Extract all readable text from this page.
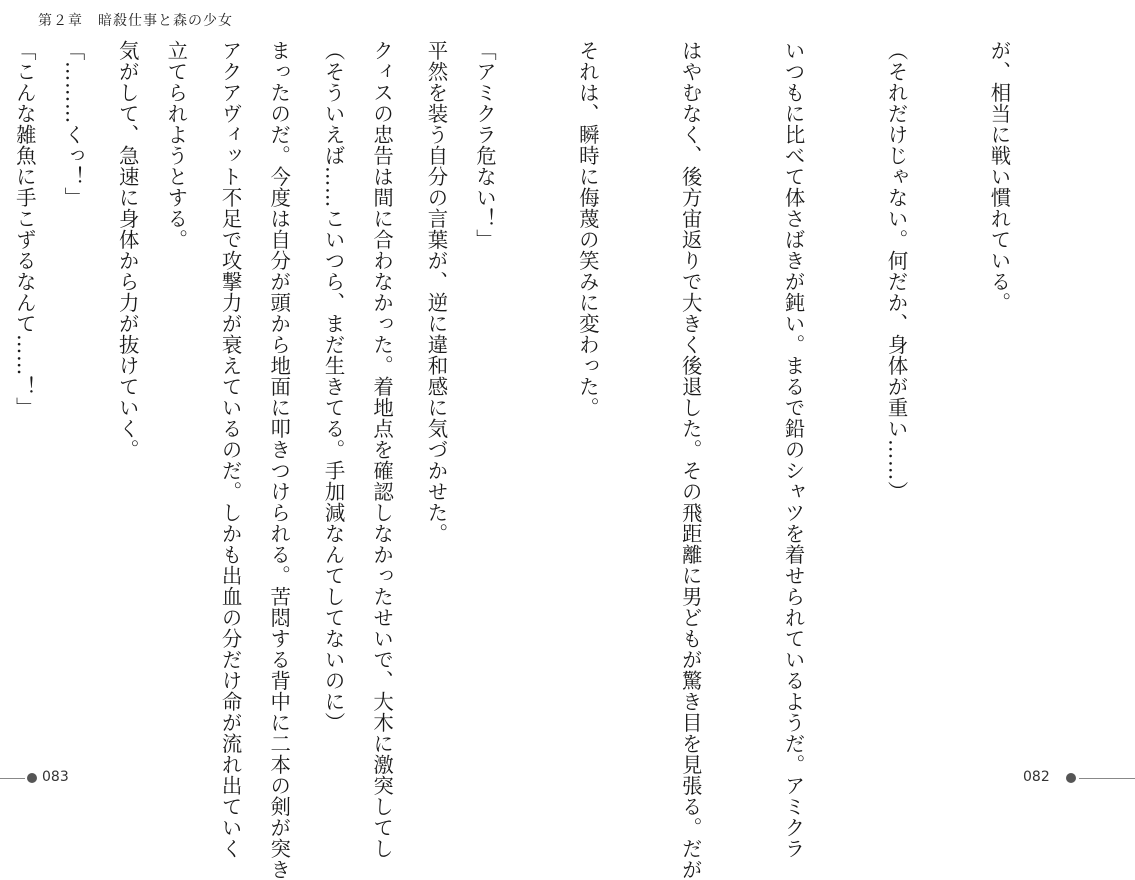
第２章　暗殺仕事と森の少女

平然を装う自分の言葉が、逆に違和感に気づかせた。

（そういえば……こいつら、まだ生きてる。手加減なんてしてないのに）

アクアヴィット不足で攻撃力が衰えているのだ。しかも出血の分だけ命が流れ出ていく

気がして、急速に身体から力が抜けていく。

「こんな雑魚に手こずるなんて……！」

083

が、相当に戦い慣れている。

（それだけじゃない。何だか、身体が重い……）

いつもに比べて体さばきが鈍い。まるで鉛のシャツを着せられているようだ。アミクラ

はやむなく、後方宙返りで大きく後退した。その飛距離に男どもが驚き目を見張る。だが

それは、瞬時に侮蔑の笑みに変わった。

「アミクラ危ない！」

クィスの忠告は間に合わなかった。着地点を確認しなかったせいで、大木に激突してし

まったのだ。今度は自分が頭から地面に叩きつけられる。苦悶する背中に二本の剣が突き

立てられようとする。

「………くっ！」

082
